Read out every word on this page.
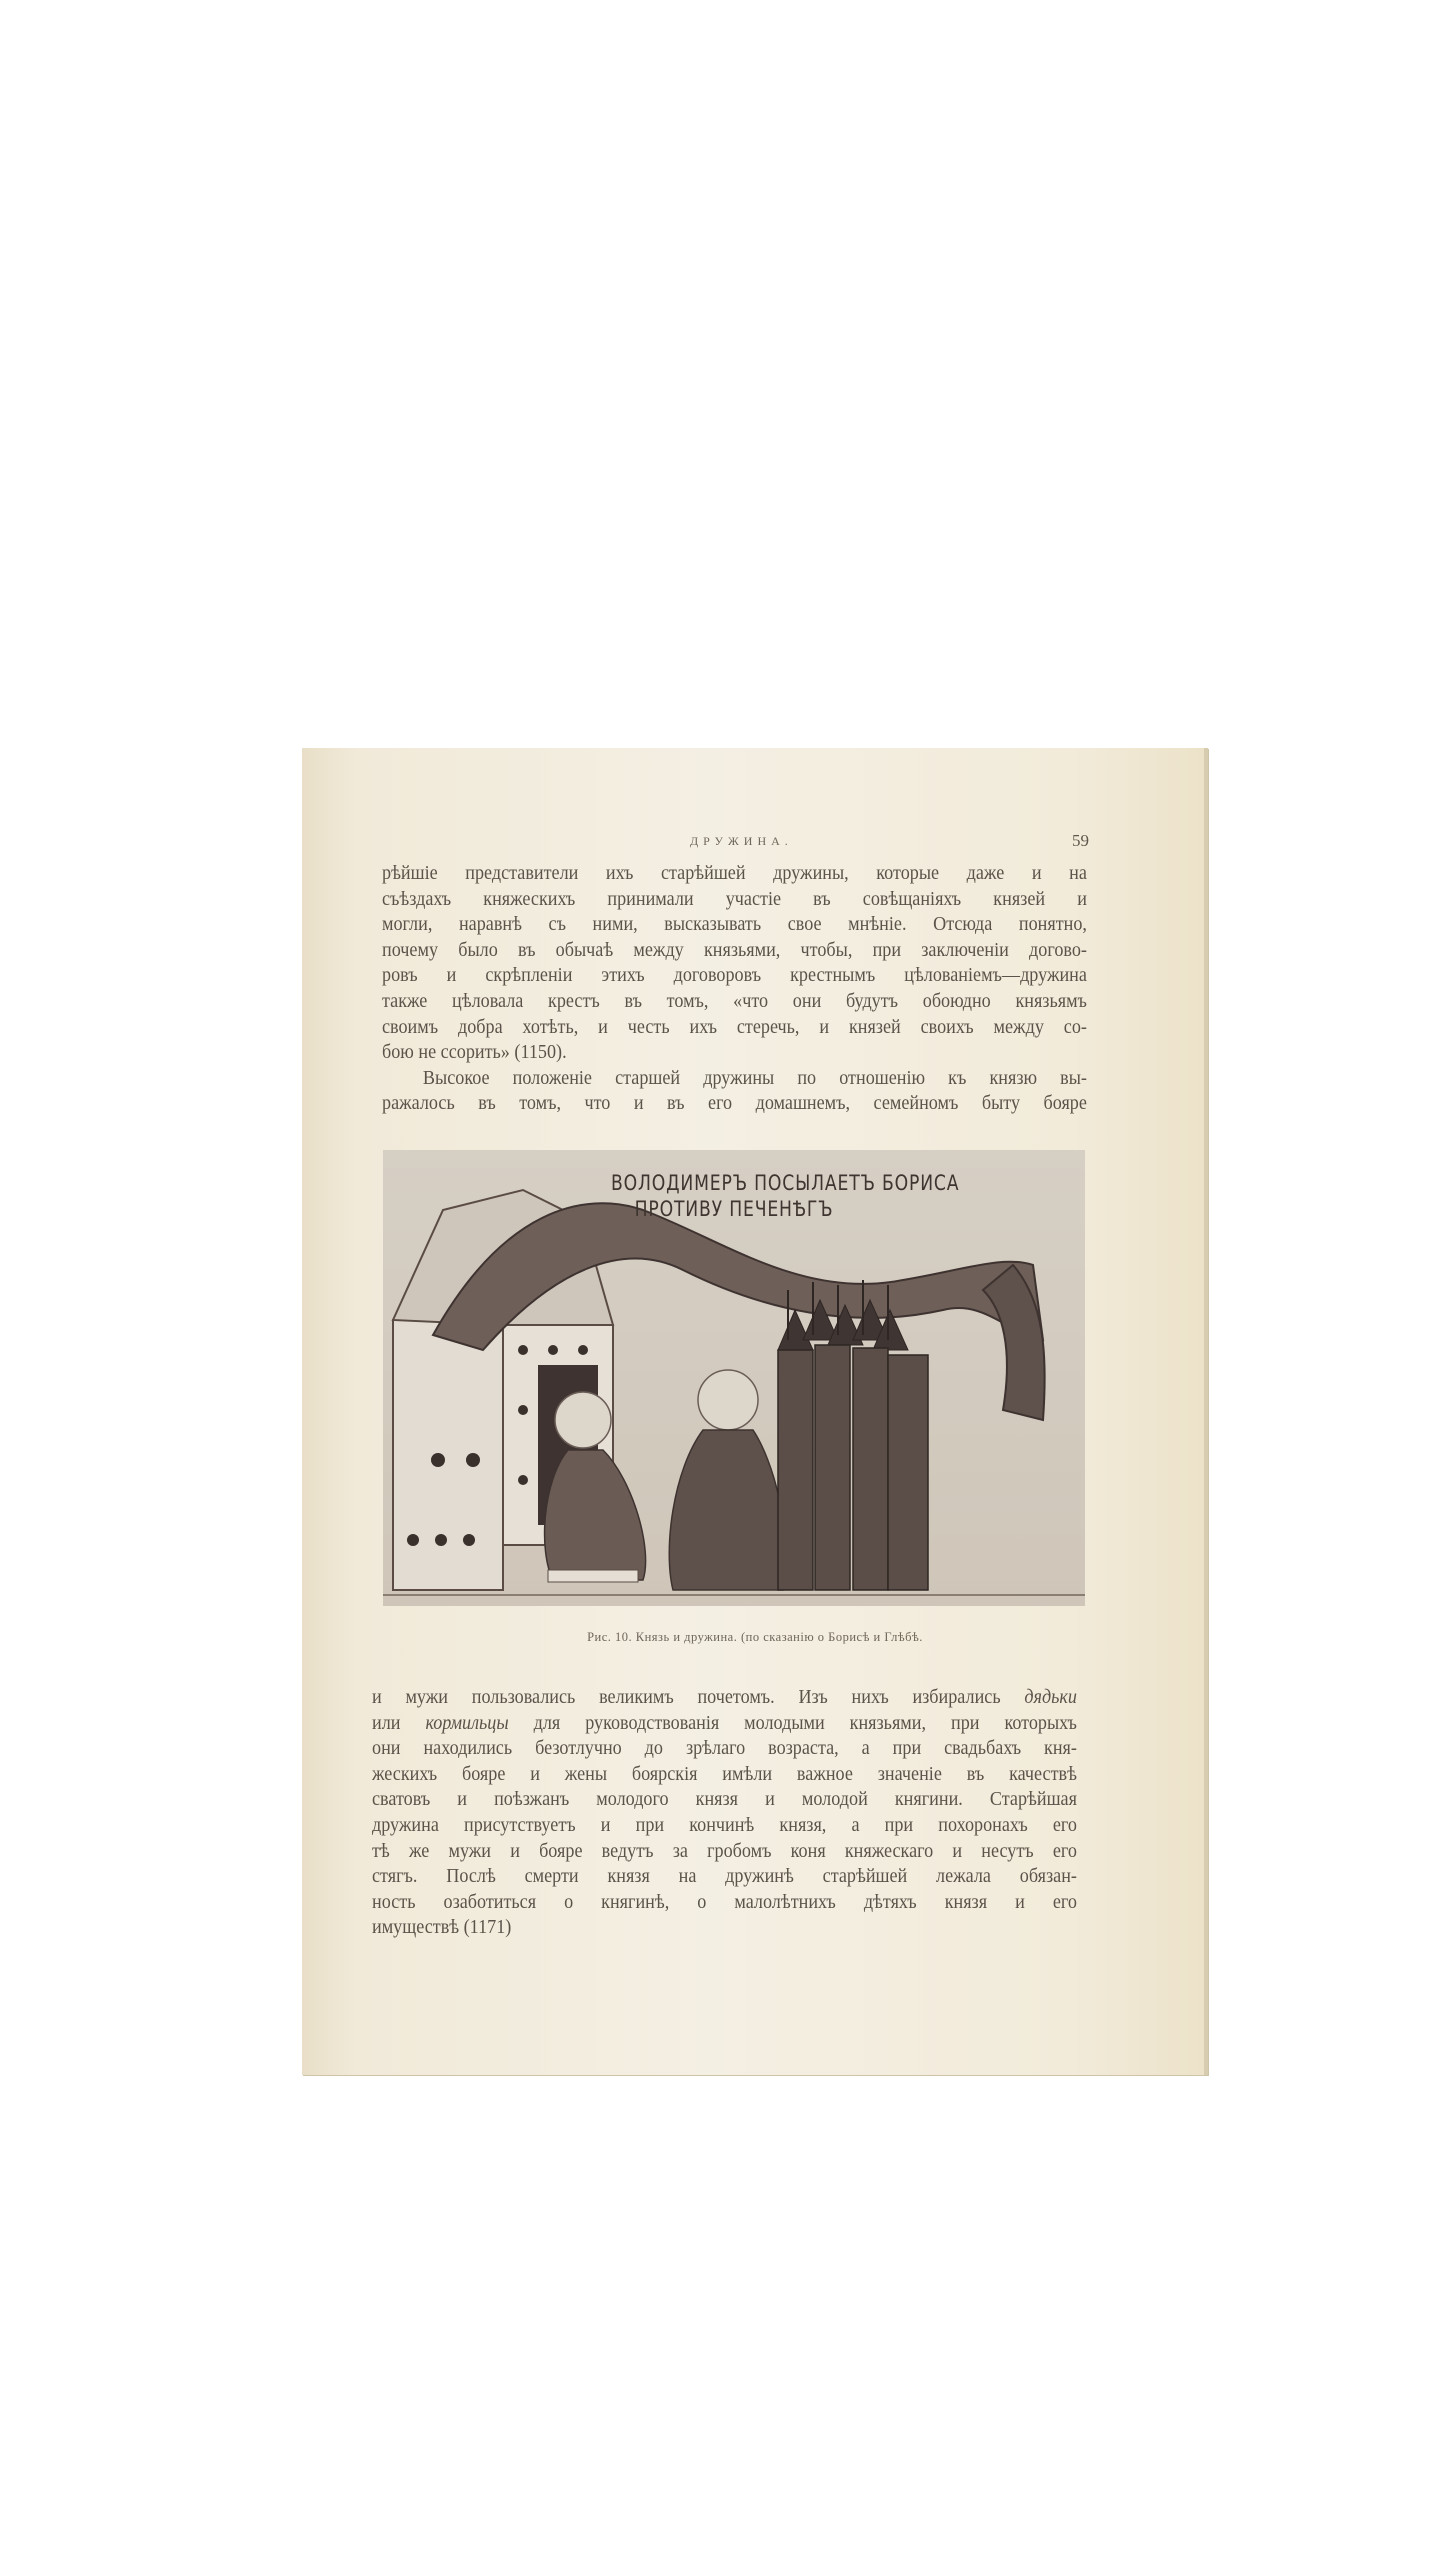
ДРУЖИНА.	59
рѣйшіе представители ихъ старѣйшей дружины, которые даже и на
съѣздахъ княжескихъ принимали участіе въ совѣщаніяхъ князей и
могли, наравнѣ съ ними, высказывать свое мнѣніе. Отсюда понятно,
почему было въ обычаѣ между князьями, чтобы, при заключеніи догово-
ровъ и скрѣпленіи этихъ договоровъ крестнымъ цѣлованіемъ—дружина
также цѣловала крестъ въ томъ, «что они будутъ обоюдно князьямъ
своимъ добра хотѣть, и честь ихъ стеречь, и князей своихъ между со-
бою не ссорить» (1150).
Высокое положеніе старшей дружины по отношенію къ князю вы-
ражалось въ томъ, что и въ его домашнемъ, семейномъ быту бояре
ВОЛОДИМЕРЪ ПОСЫЛАЕТЪ БОРИСА
ПРОТИВУ ПЕЧЕНѢГЪ
Рис. 10. Князь и дружина. (по сказанію о Борисѣ и Глѣбѣ.
и мужи пользовались великимъ почетомъ. Изъ нихъ избирались дядьки
или кормильцы для руководствованія молодыми князьями, при которыхъ
они находились безотлучно до зрѣлаго возраста, а при свадьбахъ кня-
жескихъ бояре и жены боярскія имѣли важное значеніе въ качествѣ
сватовъ и поѣзжанъ молодого князя и молодой княгини. Старѣйшая
дружина присутствуетъ и при кончинѣ князя, а при похоронахъ его
тѣ же мужи и бояре ведутъ за гробомъ коня княжескаго и несутъ его
стягъ. Послѣ смерти князя на дружинѣ старѣйшей лежала обязан-
ность озаботиться о княгинѣ, о малолѣтнихъ дѣтяхъ князя и его
имуществѣ (1171)
